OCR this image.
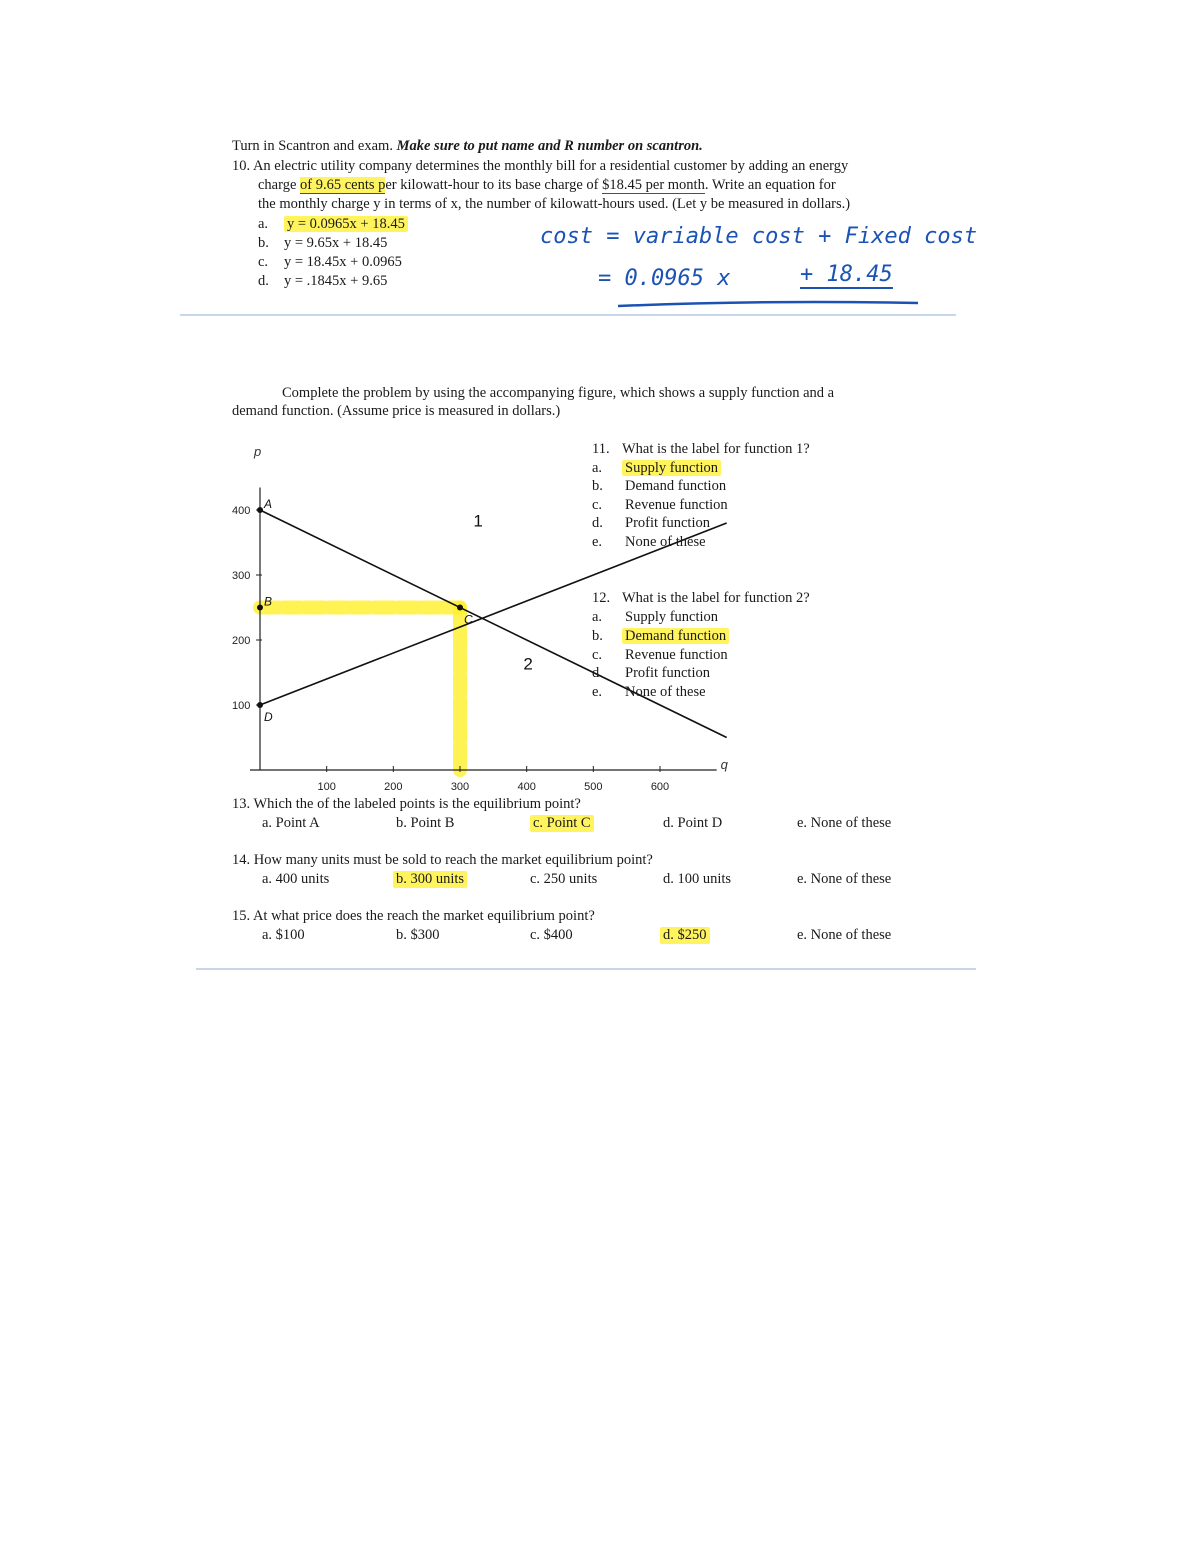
Turn in Scantron and exam. Make sure to put name and R number on scantron.
10. An electric utility company determines the monthly bill for a residential customer by adding an energy
charge of 9.65 cents per kilowatt-hour to its base charge of $18.45 per month. Write an equation for
the monthly charge y in terms of x, the number of kilowatt-hours used. (Let y be measured in dollars.)
a. y = 0.0965x + 18.45
b. y = 9.65x + 18.45
c. y = 18.45x + 0.0965
d. y = .1845x + 9.65
cost = variable cost + Fixed cost
= 0.0965 x	+ 18.45
Complete the problem by using the accompanying figure, which shows a supply function and a
demand function. (Assume price is measured in dollars.)
p
q
100	200	300	400	500	600
100
200
300
400
1
2
A
B
C
D
11. What is the label for function 1?
a. Supply function
b. Demand function
c. Revenue function
d. Profit function
e. None of these
12. What is the label for function 2?
a. Supply function
b. Demand function
c. Revenue function
d. Profit function
e. None of these
13. Which the of the labeled points is the equilibrium point?
a. Point A	b. Point B	c. Point C	d. Point D	e. None of these
14. How many units must be sold to reach the market equilibrium point?
a. 400 units	b. 300 units	c. 250 units	d. 100 units	e. None of these
15. At what price does the reach the market equilibrium point?
a. $100	b. $300	c. $400	d. $250	e. None of these
